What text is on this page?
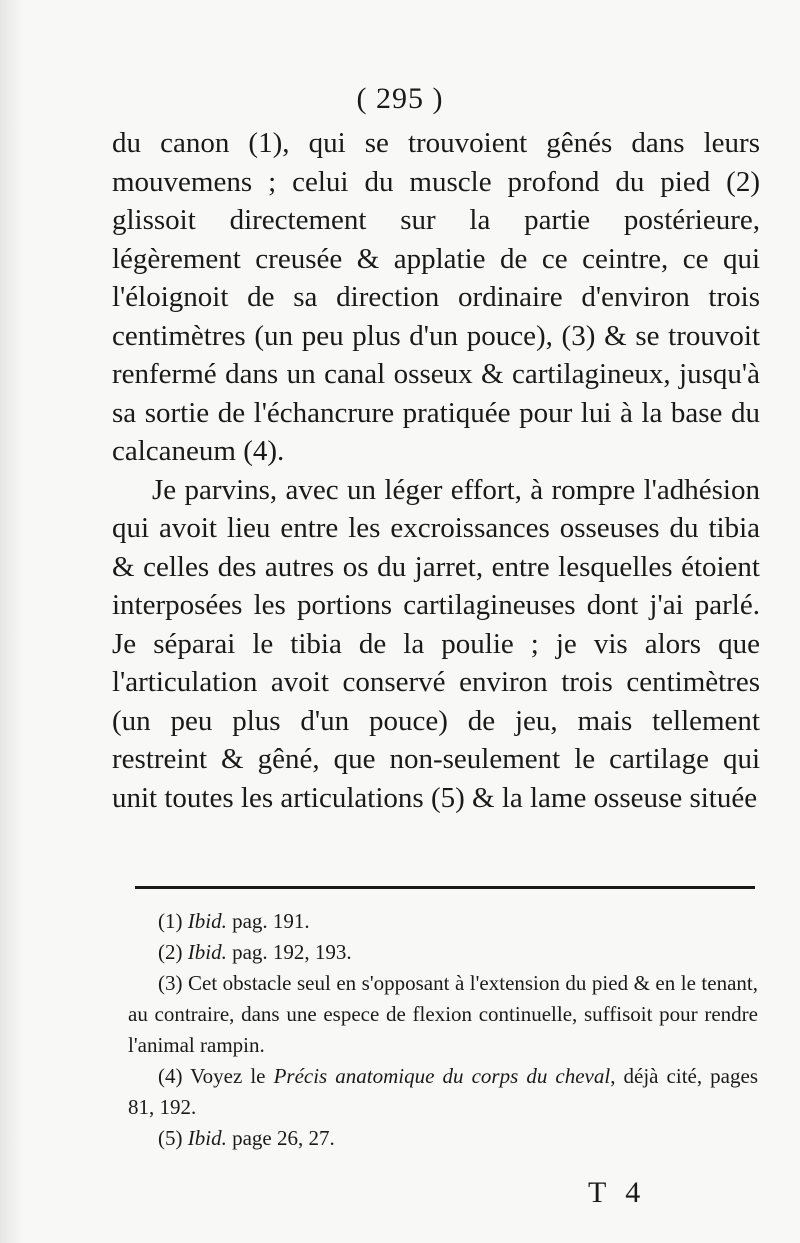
( 295 )

du canon (1), qui se trouvoient gênés dans leurs mouvemens ; celui du muscle profond du pied (2) glissoit directement sur la partie postérieure, légèrement creusée & applatie de ce ceintre, ce qui l'éloignoit de sa direction ordinaire d'environ trois centimètres (un peu plus d'un pouce), (3) & se trouvoit renfermé dans un canal osseux & cartilagineux, jusqu'à sa sortie de l'échancrure pratiquée pour lui à la base du calcaneum (4).

Je parvins, avec un léger effort, à rompre l'adhésion qui avoit lieu entre les excroissances osseuses du tibia & celles des autres os du jarret, entre lesquelles étoient interposées les portions cartilagineuses dont j'ai parlé. Je séparai le tibia de la poulie ; je vis alors que l'articulation avoit conservé environ trois centimètres (un peu plus d'un pouce) de jeu, mais tellement restreint & gêné, que non-seulement le cartilage qui unit toutes les articulations (5) & la lame osseuse située

(1) Ibid. pag. 191.

(2) Ibid. pag. 192, 193.

(3) Cet obstacle seul en s'opposant à l'extension du pied & en le tenant, au contraire, dans une espece de flexion continuelle, suffisoit pour rendre l'animal rampin.

(4) Voyez le Précis anatomique du corps du cheval, déjà cité, pages 81, 192.

(5) Ibid. page 26, 27.

T 4
